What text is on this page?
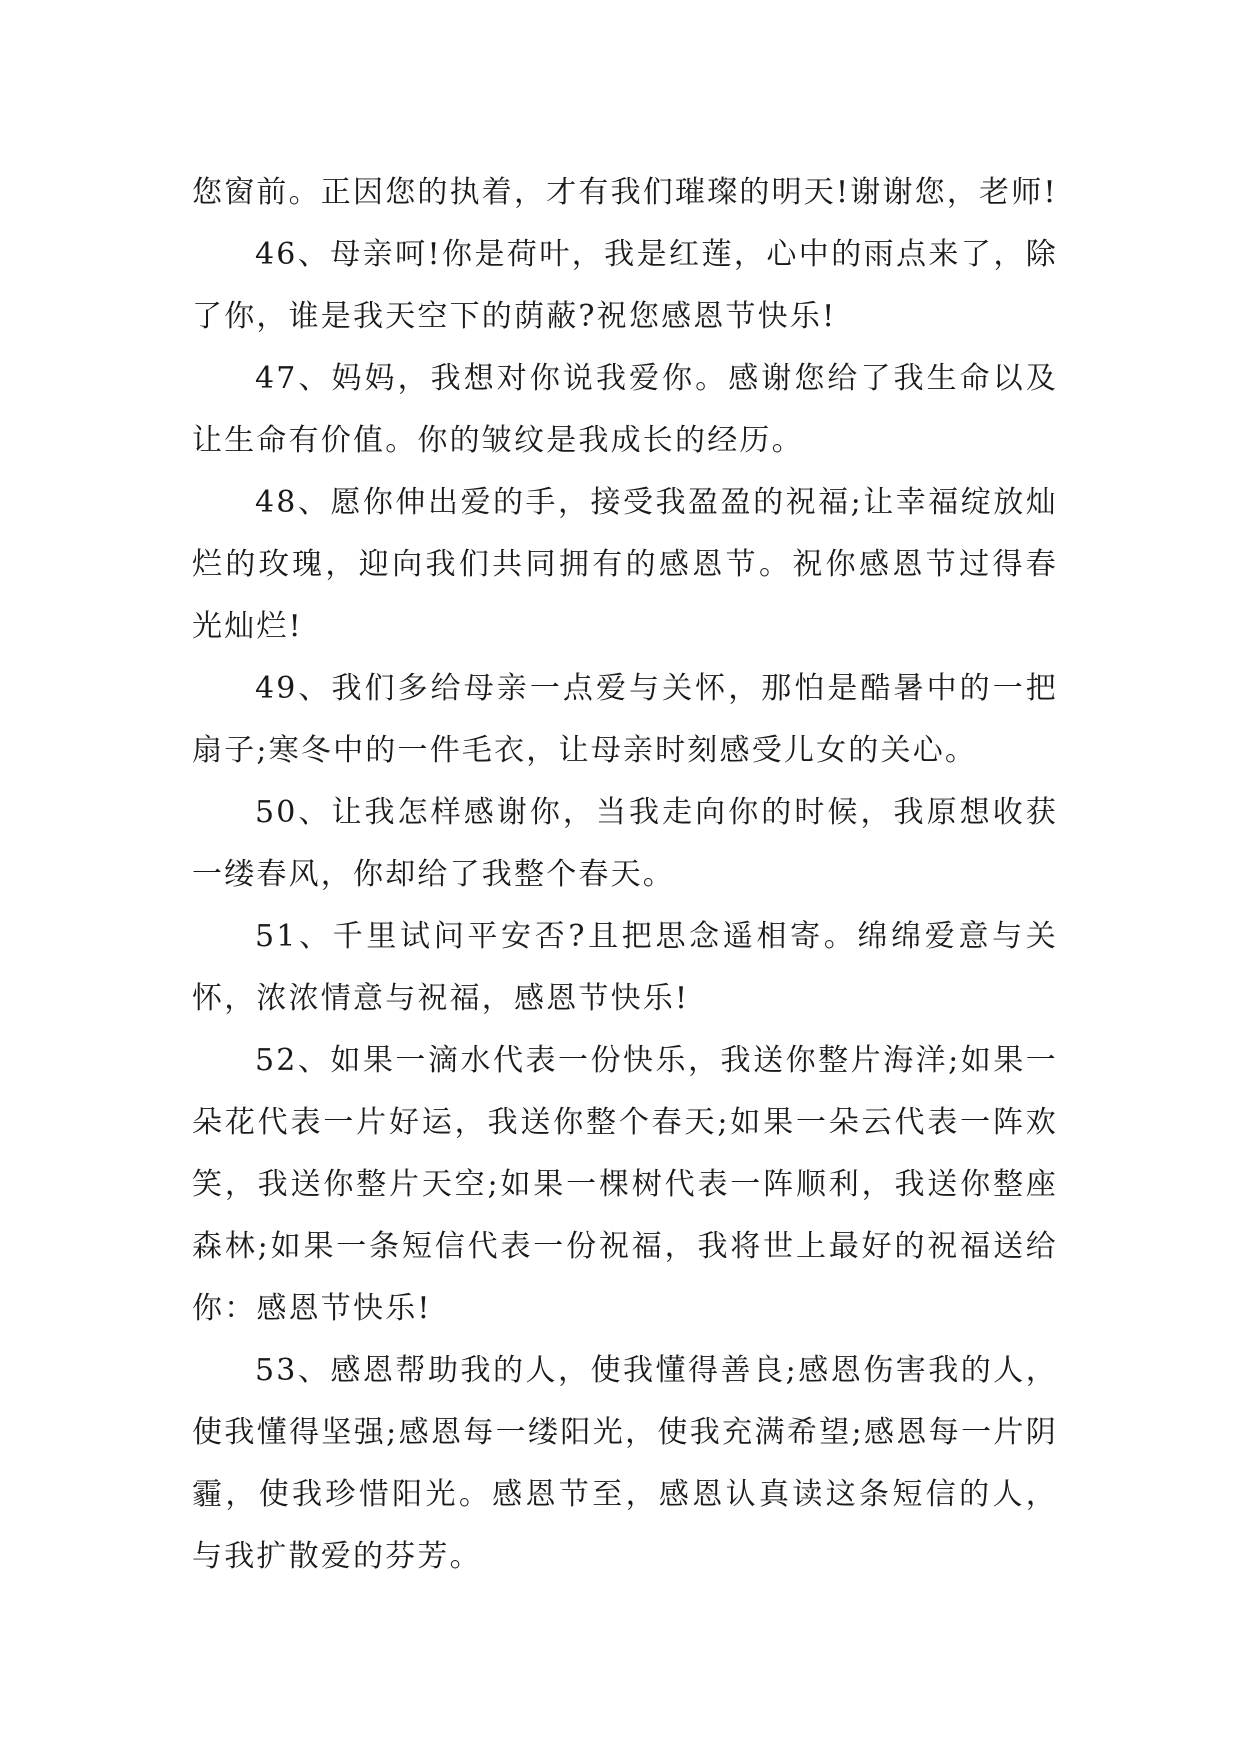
您窗前。正因您的执着，才有我们璀璨的明天!谢谢您，老师!

46、母亲呵!你是荷叶，我是红莲，心中的雨点来了，除了你，谁是我天空下的荫蔽?祝您感恩节快乐!

47、妈妈，我想对你说我爱你。感谢您给了我生命以及让生命有价值。你的皱纹是我成长的经历。

48、愿你伸出爱的手，接受我盈盈的祝福;让幸福绽放灿烂的玫瑰，迎向我们共同拥有的感恩节。祝你感恩节过得春光灿烂!

49、我们多给母亲一点爱与关怀，那怕是酷暑中的一把扇子;寒冬中的一件毛衣，让母亲时刻感受儿女的关心。

50、让我怎样感谢你，当我走向你的时候，我原想收获一缕春风，你却给了我整个春天。

51、千里试问平安否?且把思念遥相寄。绵绵爱意与关怀，浓浓情意与祝福，感恩节快乐!

52、如果一滴水代表一份快乐，我送你整片海洋;如果一朵花代表一片好运，我送你整个春天;如果一朵云代表一阵欢笑，我送你整片天空;如果一棵树代表一阵顺利，我送你整座森林;如果一条短信代表一份祝福，我将世上最好的祝福送给你：感恩节快乐!

53、感恩帮助我的人，使我懂得善良;感恩伤害我的人，使我懂得坚强;感恩每一缕阳光，使我充满希望;感恩每一片阴霾，使我珍惜阳光。感恩节至，感恩认真读这条短信的人，与我扩散爱的芬芳。
